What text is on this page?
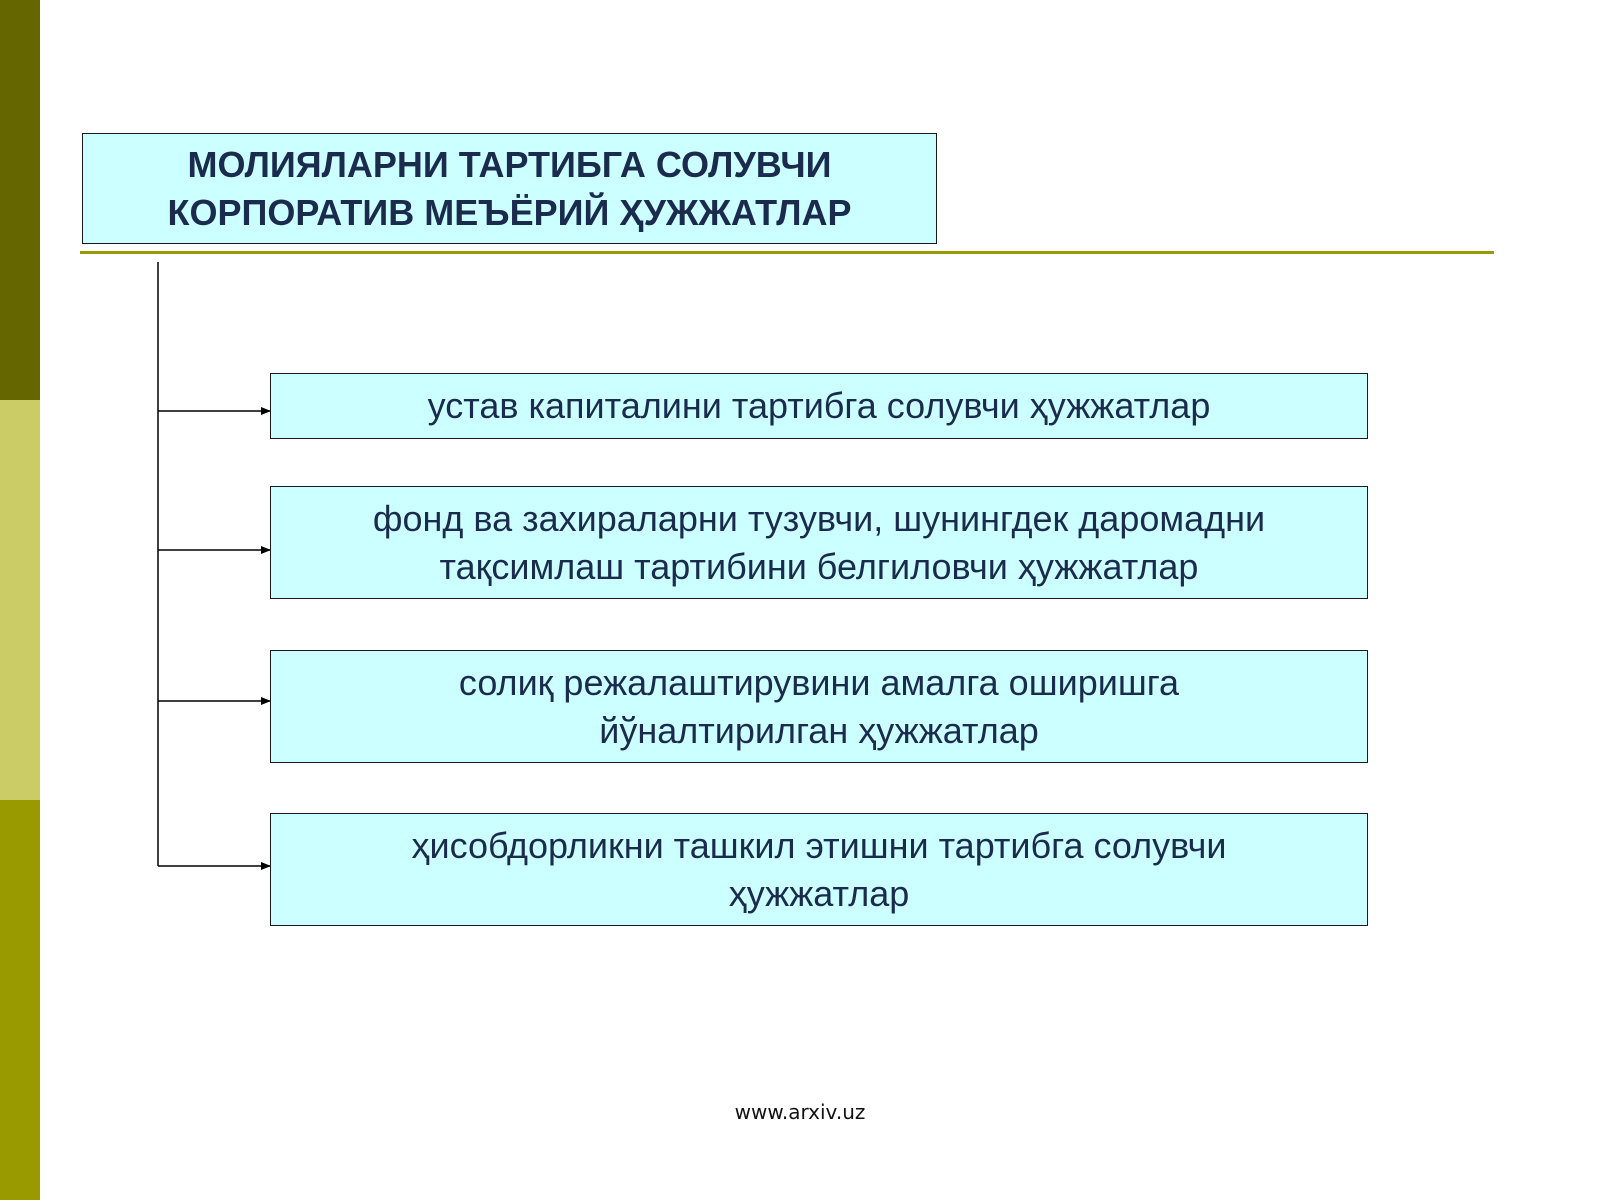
МОЛИЯЛАРНИ ТАРТИБГА СОЛУВЧИ
КОРПОРАТИВ МЕЪЁРИЙ ҲУЖЖАТЛАР
устав капиталини тартибга солувчи ҳужжатлар
фонд ва захираларни тузувчи, шунингдек даромадни
тақсимлаш тартибини белгиловчи ҳужжатлар
солиқ режалаштирувини амалга оширишга
йўналтирилган ҳужжатлар
ҳисобдорликни ташкил этишни тартибга солувчи
ҳужжатлар
www.arxiv.uz
